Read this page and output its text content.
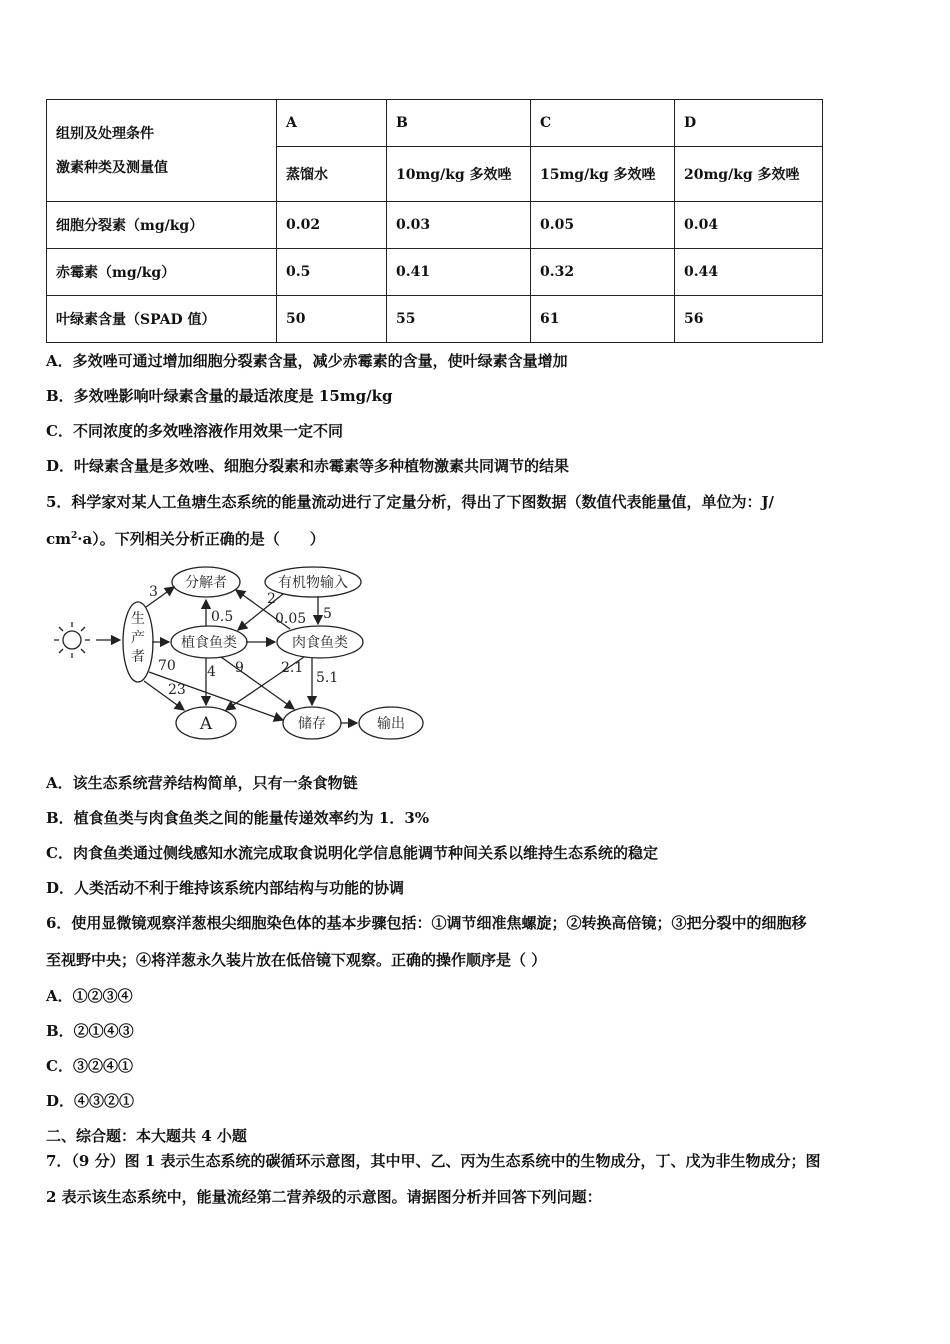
组别及处理条件
激素种类及测量值	A	B	C	D
	蒸馏水	10mg/kg 多效唑	15mg/kg 多效唑	20mg/kg 多效唑
细胞分裂素（mg/kg）	0.02	0.03	0.05	0.04
赤霉素（mg/kg）	0.5	0.41	0.32	0.44
叶绿素含量（SPAD 值）	50	55	61	56
A．多效唑可通过增加细胞分裂素含量，减少赤霉素的含量，使叶绿素含量增加
B．多效唑影响叶绿素含量的最适浓度是 15mg/kg
C．不同浓度的多效唑溶液作用效果一定不同
D．叶绿素含量是多效唑、细胞分裂素和赤霉素等多种植物激素共同调节的结果
5．科学家对某人工鱼塘生态系统的能量流动进行了定量分析，得出了下图数据（数值代表能量值，单位为：J/
$cm^2\cdot a$）。下列相关分析正确的是（　　）
生
产
者
分解者	有机物输入
植食鱼类	肉食鱼类
A	储存	输出
3
0.5
2
0.05 5
70
23
4 9	2.1
5.1
A．该生态系统营养结构简单，只有一条食物链
B．植食鱼类与肉食鱼类之间的能量传递效率约为 1．3%
C．肉食鱼类通过侧线感知水流完成取食说明化学信息能调节种间关系以维持生态系统的稳定
D．人类活动不利于维持该系统内部结构与功能的协调
6．使用显微镜观察洋葱根尖细胞染色体的基本步骤包括：①调节细准焦螺旋；②转换高倍镜；③把分裂中的细胞移
至视野中央；④将洋葱永久装片放在低倍镜下观察。正确的操作顺序是（ ）
A．①②③④
B．②①④③
C．③②④①
D．④③②①
二、综合题：本大题共 4 小题
7．（9 分）图 1 表示生态系统的碳循环示意图，其中甲、乙、丙为生态系统中的生物成分，丁、戊为非生物成分；图
2 表示该生态系统中，能量流经第二营养级的示意图。请据图分析并回答下列问题：
